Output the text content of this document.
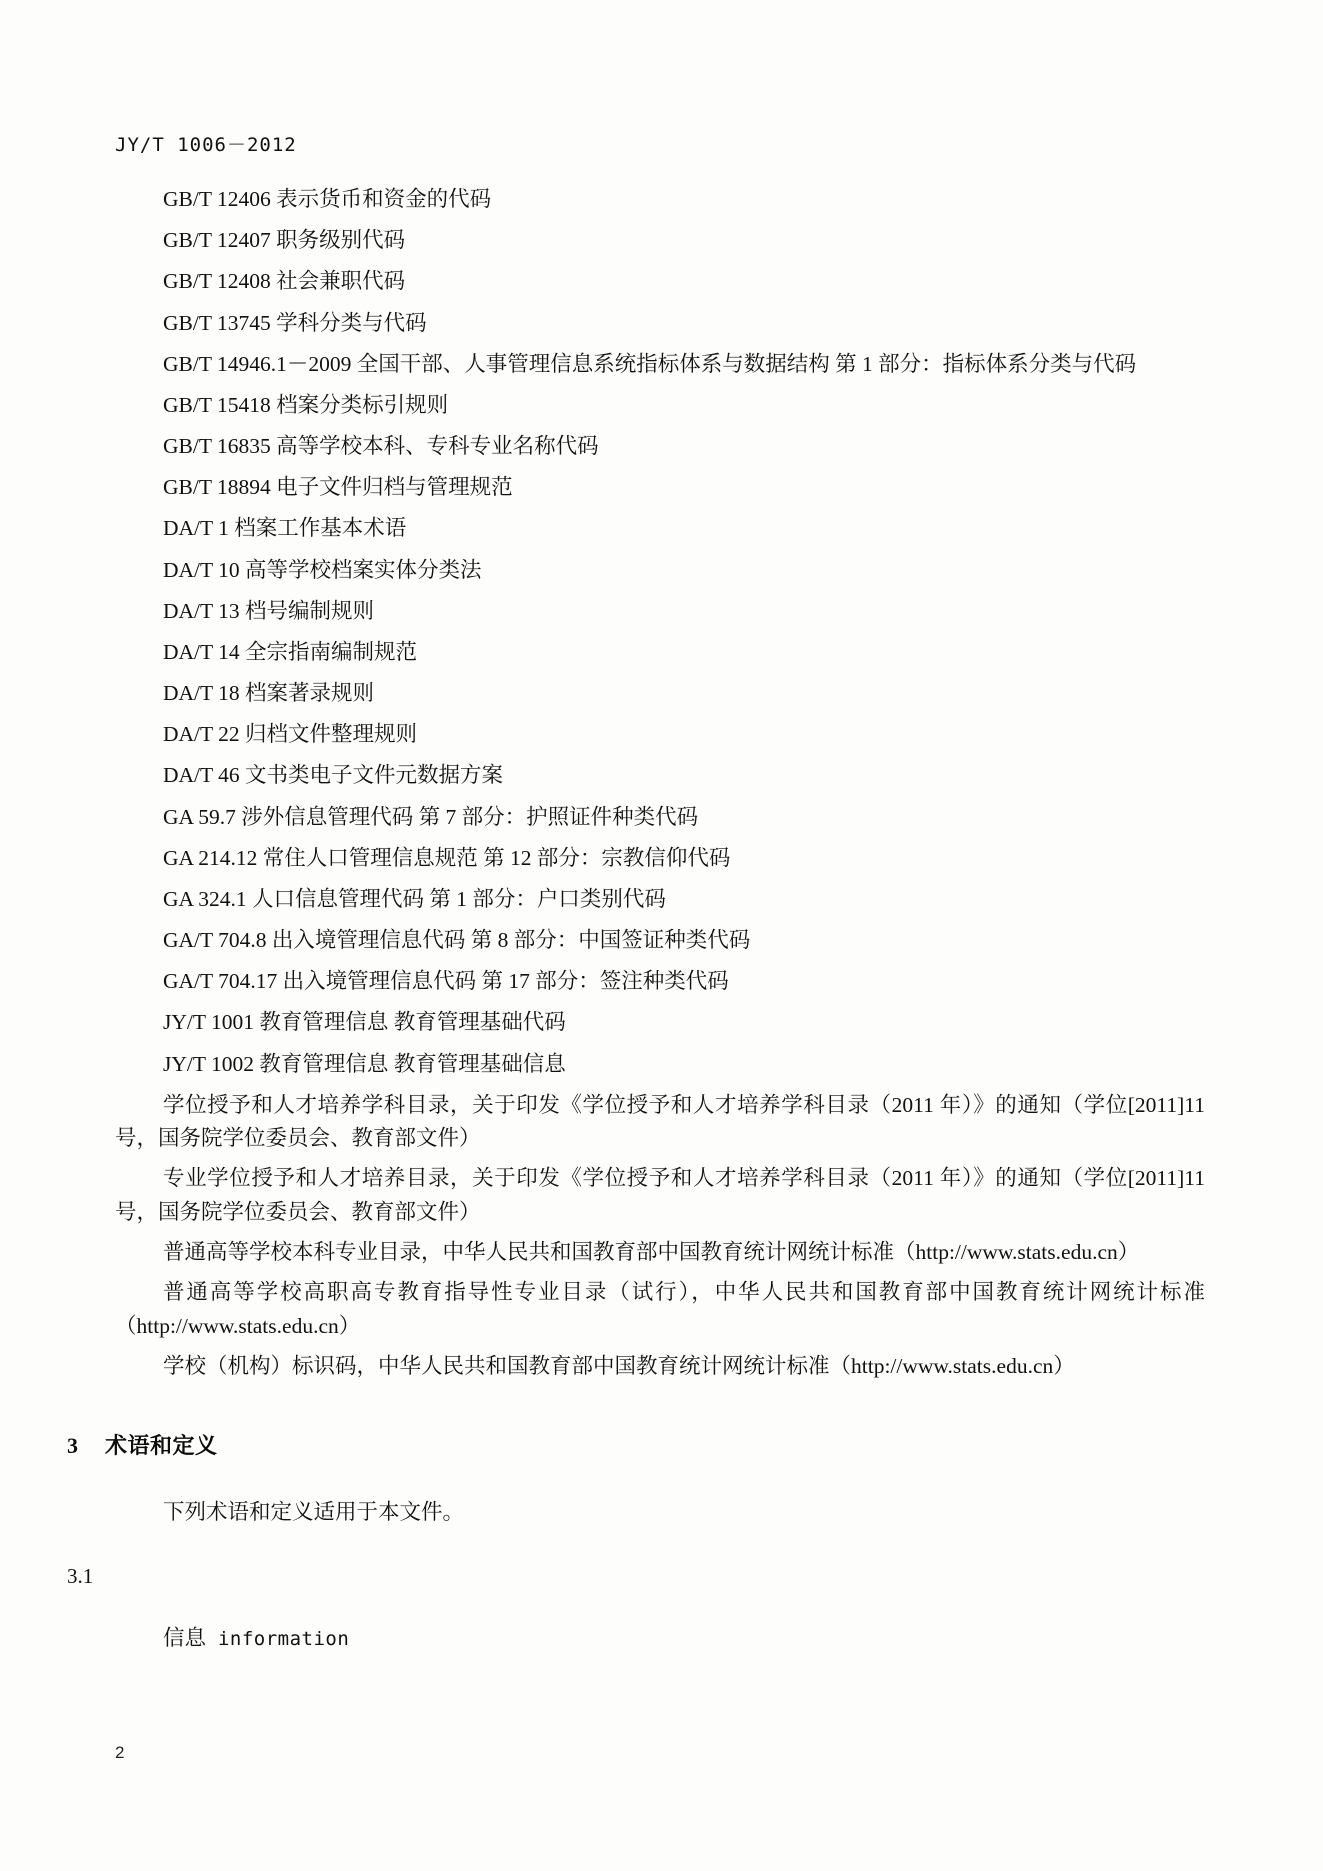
JY/T 1006－2012

GB/T 12406 表示货币和资金的代码

GB/T 12407 职务级别代码

GB/T 12408 社会兼职代码

GB/T 13745 学科分类与代码

GB/T 14946.1－2009 全国干部、人事管理信息系统指标体系与数据结构 第 1 部分：指标体系分类与代码

GB/T 15418 档案分类标引规则

GB/T 16835 高等学校本科、专科专业名称代码

GB/T 18894 电子文件归档与管理规范

DA/T 1 档案工作基本术语

DA/T 10 高等学校档案实体分类法

DA/T 13 档号编制规则

DA/T 14 全宗指南编制规范

DA/T 18 档案著录规则

DA/T 22 归档文件整理规则

DA/T 46 文书类电子文件元数据方案

GA 59.7 涉外信息管理代码 第 7 部分：护照证件种类代码

GA 214.12 常住人口管理信息规范 第 12 部分：宗教信仰代码

GA 324.1 人口信息管理代码 第 1 部分：户口类别代码

GA/T 704.8 出入境管理信息代码 第 8 部分：中国签证种类代码

GA/T 704.17 出入境管理信息代码 第 17 部分：签注种类代码

JY/T 1001 教育管理信息 教育管理基础代码

JY/T 1002 教育管理信息 教育管理基础信息

学位授予和人才培养学科目录，关于印发《学位授予和人才培养学科目录（2011 年）》的通知（学位[2011]11 号，国务院学位委员会、教育部文件）

专业学位授予和人才培养目录，关于印发《学位授予和人才培养学科目录（2011 年）》的通知（学位[2011]11 号，国务院学位委员会、教育部文件）

普通高等学校本科专业目录，中华人民共和国教育部中国教育统计网统计标准（http://www.stats.edu.cn）

普通高等学校高职高专教育指导性专业目录（试行），中华人民共和国教育部中国教育统计网统计标准（http://www.stats.edu.cn）

学校（机构）标识码，中华人民共和国教育部中国教育统计网统计标准（http://www.stats.edu.cn）

3 术语和定义

下列术语和定义适用于本文件。

3.1
信息 information
2
